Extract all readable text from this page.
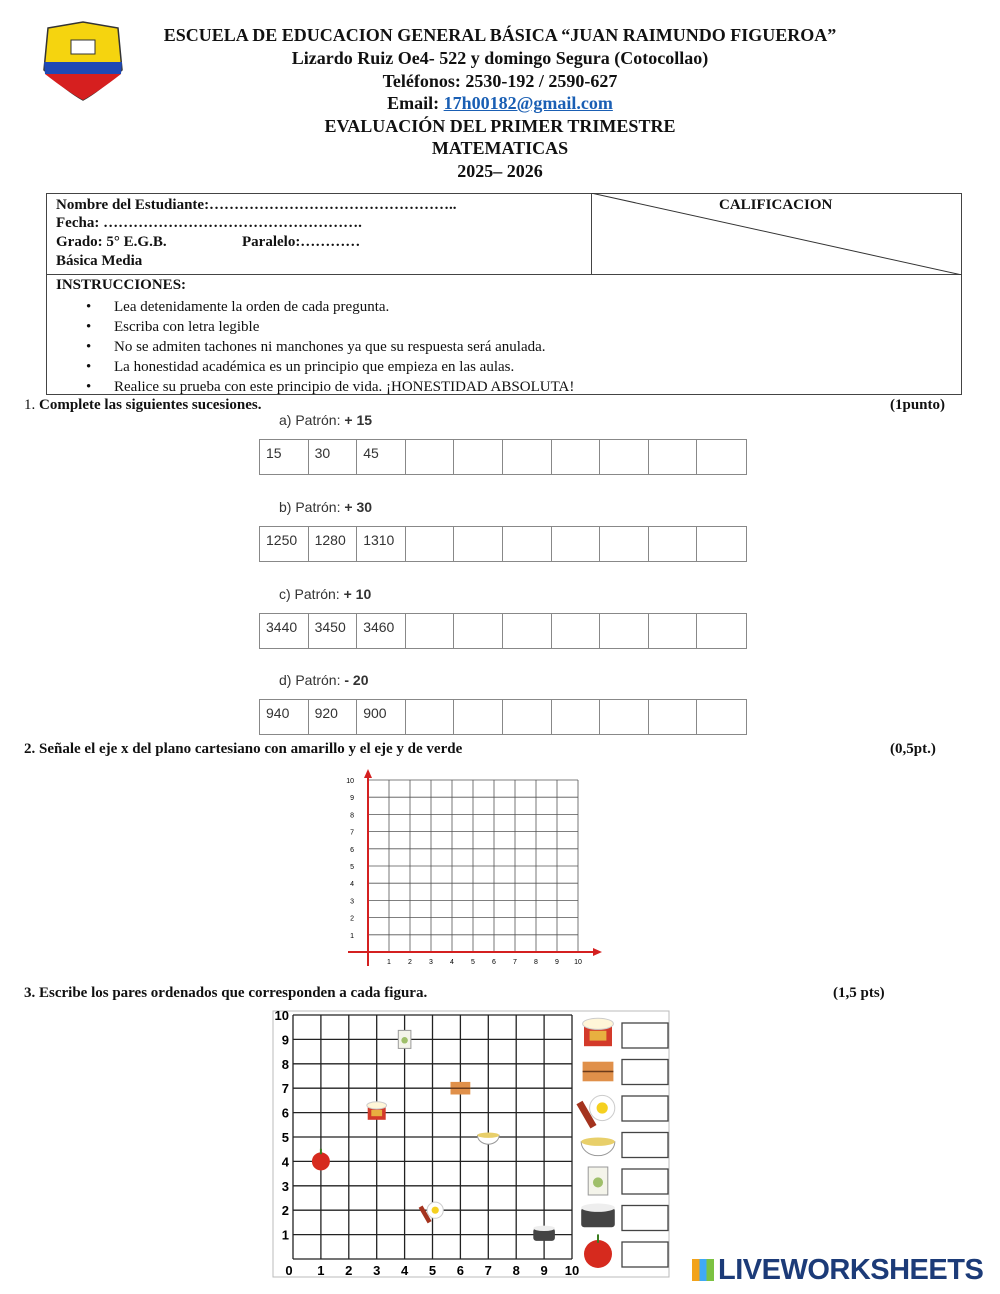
ESCUELA DE EDUCACION GENERAL BÁSICA “JUAN RAIMUNDO FIGUEROA”
Lizardo Ruiz Oe4- 522 y domingo Segura (Cotocollao)
Teléfonos: 2530-192 / 2590-627
Email: 17h00182@gmail.com
EVALUACIÓN DEL PRIMER TRIMESTRE
MATEMATICAS
2025– 2026
Nombre del Estudiante:…………………………………………..
Fecha: …………………………………………….
Grado: 5° E.G.B.	Paralelo:…………
Básica Media
CALIFICACION
INSTRUCCIONES:
• Lea detenidamente la orden de cada pregunta.
• Escriba con letra legible
• No se admiten tachones ni manchones ya que su respuesta será anulada.
• La honestidad académica es un principio que empieza en las aulas.
• Realice su prueba con este principio de vida. ¡HONESTIDAD ABSOLUTA!
1. Complete las siguientes sucesiones.	(1punto)
a) Patrón: + 15
15	30	45
b) Patrón: + 30
1250	1280	1310
c) Patrón: + 10
3440	3450	3460
d) Patrón: - 20
940	920	900
2. Señale el eje x del plano cartesiano con amarillo y el eje y de verde	(0,5pt.)
1
1
2
2
3
3
4
4
5
5
6
6
7
7
8
8
9
9
10
10
3. Escribe los pares ordenados que corresponden a cada figura.	(1,5 pts)
0 1
1
2
2
3
3
4
4
5
5
6
6
7
7
8
8
9
9
10
10
LIVEWORKSHEETS
